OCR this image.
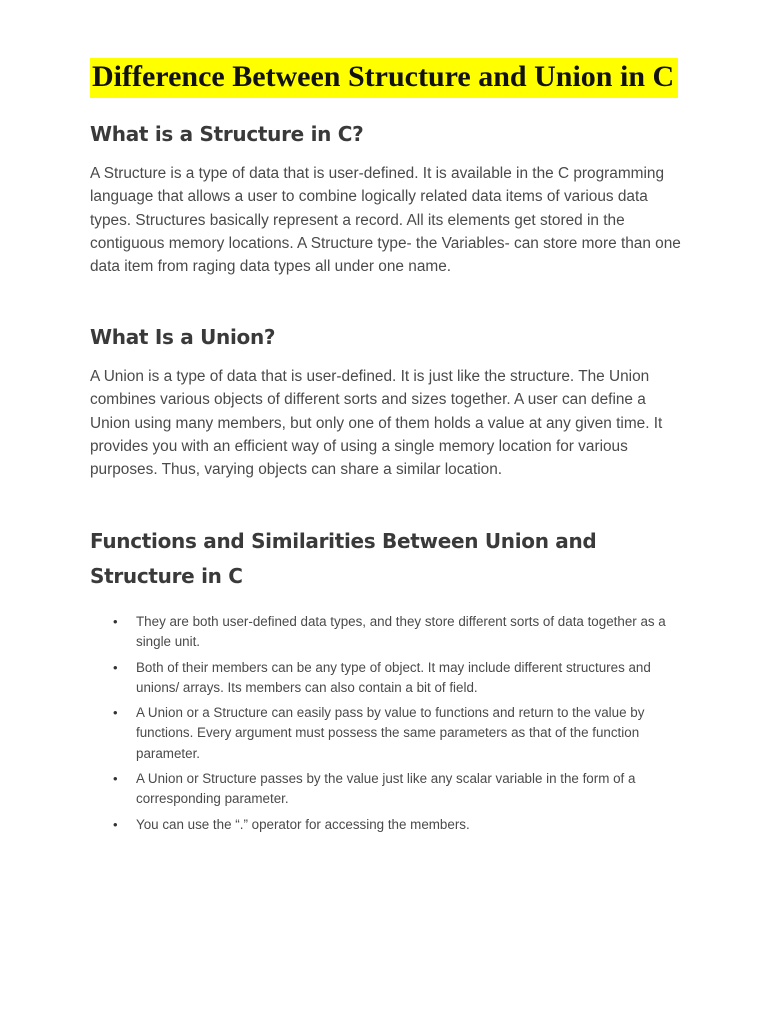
Difference Between Structure and Union in C
What is a Structure in C?

A Structure is a type of data that is user-defined. It is available in the C programming language that allows a user to combine logically related data items of various data types. Structures basically represent a record. All its elements get stored in the contiguous memory locations. A Structure type- the Variables- can store more than one data item from raging data types all under one name.

What Is a Union?

A Union is a type of data that is user-defined. It is just like the structure. The Union combines various objects of different sorts and sizes together. A user can define a Union using many members, but only one of them holds a value at any given time. It provides you with an efficient way of using a single memory location for various purposes. Thus, varying objects can share a similar location.

Functions and Similarities Between Union and Structure in C
• They are both user-defined data types, and they store different sorts of data together as a single unit.
• Both of their members can be any type of object. It may include different structures and unions/ arrays. Its members can also contain a bit of field.
• A Union or a Structure can easily pass by value to functions and return to the value by functions. Every argument must possess the same parameters as that of the function parameter.
• A Union or Structure passes by the value just like any scalar variable in the form of a corresponding parameter.
• You can use the “.” operator for accessing the members.
